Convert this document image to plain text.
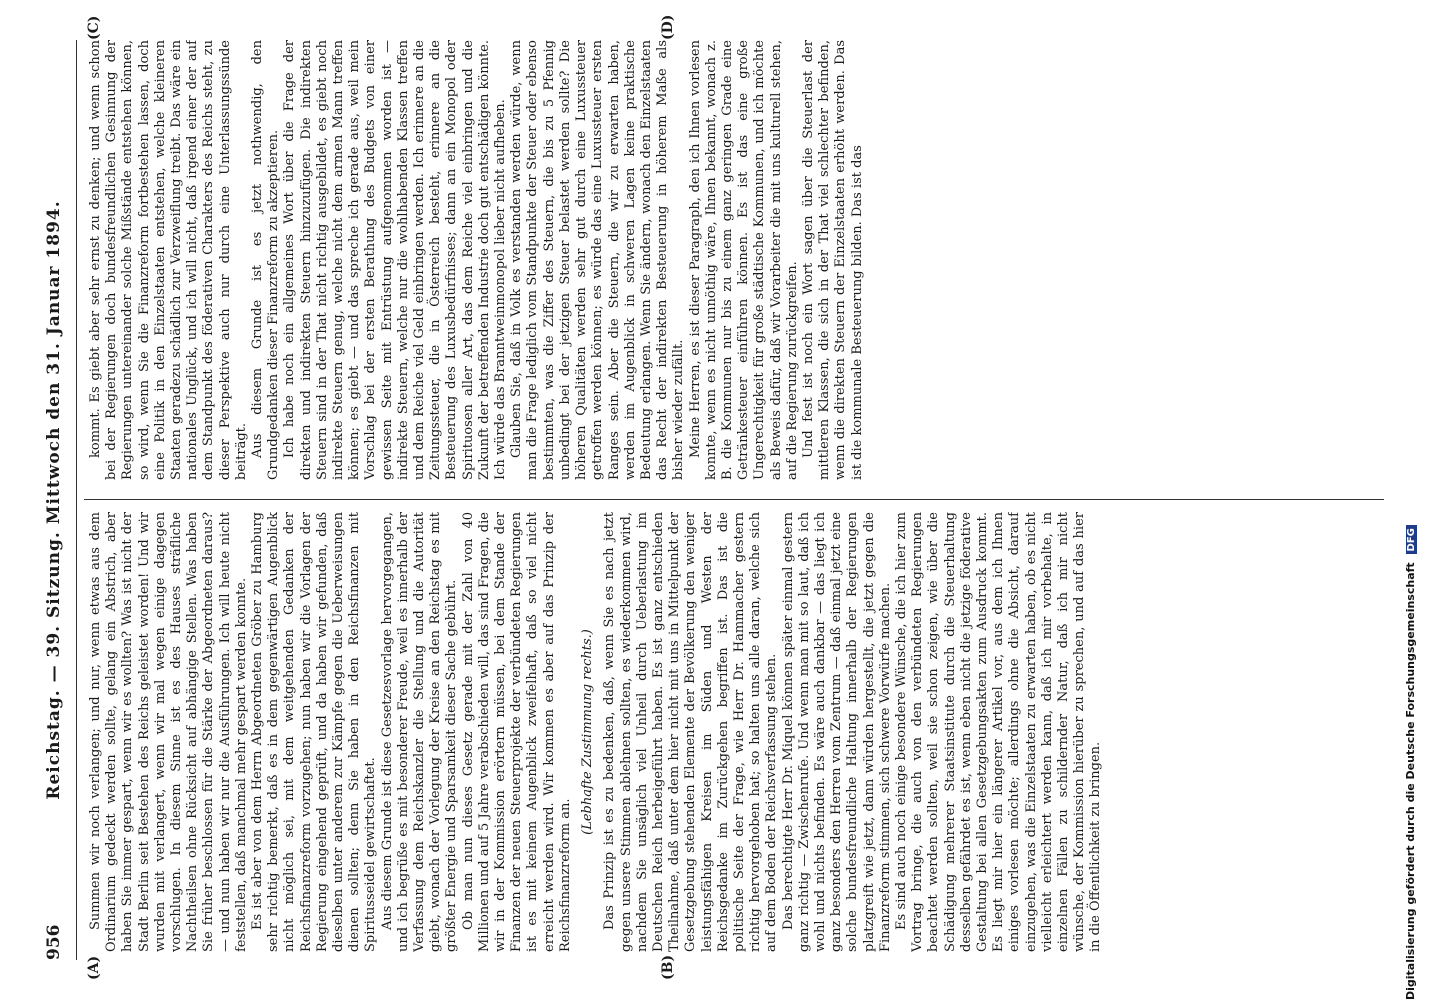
956
Reichstag. — 39. Sitzung. Mittwoch den 31. Januar 1894.
(A)	(B)
(C)	(D)

Summen wir noch verlangen; und nur, wenn etwas aus dem Ordinarium gedeckt werden sollte, gelang ein Abstrich, aber haben Sie immer gespart, wenn wir es wollten? Was ist nicht der Stadt Berlin seit Bestehen des Reichs geleistet worden! Und wir wurden mit verlangert, wenn wir mal wegen einige dagegen vorschlugen. In diesem Sinne ist es des Hauses sträfliche Nachtheilsen ohne Rücksicht auf abhängige Stellen. Was haben Sie früher beschlossen für die Stärke der Abgeordneten daraus? — und nun haben wir nur die Ausführungen. Ich will heute nicht feststellen, daß manchmal mehr gespart werden konnte. Es ist aber von dem Herrn Abgeordneten Gröber zu Hamburg sehr richtig bemerkt, daß es in dem gegenwärtigen Augenblick nicht möglich sei, mit dem weitgehenden Gedanken der Reichsfinanzreform vorzugehen; nun haben wir die Vorlagen der Regierung eingehend geprüft, und da haben wir gefunden, daß dieselben unter anderem zur Kämpfe gegen die Ueberweisungen dienen sollten; denn Sie haben in den Reichsfinanzen mit Spiritusseidel gewirtschaftet. Aus diesem Grunde ist diese Gesetzesvorlage hervorgegangen, und ich begrüße es mit besonderer Freude, weil es innerhalb der Verfassung dem Reichskanzler die Stellung und die Autorität giebt, wonach der Vorlegung der Kreise an den Reichstag es mit größter Energie und Sparsamkeit dieser Sache gebührt. Ob man nun dieses Gesetz gerade mit der Zahl von 40 Millionen und auf 5 Jahre verabschieden will, das sind Fragen, die wir in der Kommission erörtern müssen, bei dem Stande der Finanzen der neuen Steuerprojekte der verbündeten Regierungen ist es mit keinem Augenblick zweifelhaft, daß so viel nicht erreicht werden wird. Wir kommen es aber auf das Prinzip der Reichsfinanzreform an.

(Lebhafte Zustimmung rechts.) Das Prinzip ist es zu bedenken, daß, wenn Sie es nach jetzt gegen unsere Stimmen ablehnen sollten, es wiederkommen wird, nachdem Sie unsäglich viel Unheil durch Ueberlastung im Deutschen Reich herbeigeführt haben. Es ist ganz entschieden Theilnahme, daß unter dem hier nicht mit uns in Mittelpunkt der Gesetzgebung stehenden Elemente der Bevölkerung den weniger leistungsfähigen Kreisen im Süden und Westen der Reichsgedanke im Zurückgehen begriffen ist. Das ist die politische Seite der Frage, wie Herr Dr. Hammacher gestern richtig hervorgehoben hat; so halten uns alle daran, welche sich auf dem Boden der Reichsverfassung stehen. Das berechtigte Herr Dr. Miquel können später einmal gestern ganz richtig — Zwischenrufe. Und wenn man mit so laut, daß ich wohl und nichts befinden. Es wäre auch dankbar — das liegt ich ganz besonders den Herren vom Zentrum — daß einmal jetzt eine solche bundesfreundliche Haltung innerhalb der Regierungen platzgreift wie jetzt, dann würden hergestellt, die jetzt gegen die Finanzreform stimmen, sich schwere Vorwürfe machen. Es sind auch noch einige besondere Wünsche, die ich hier zum Vortrag bringe, die auch von den verbündeten Regierungen beachtet werden sollten, weil sie schon zeigen, wie über die Schädigung mehrerer Staatsinstitute durch die Steuerhaltung desselben gefährdet es ist, wenn eben nicht die jetzige föderative Gestaltung bei allen Gesetzgebungsakten zum Ausdruck kommt. Es liegt mir hier ein längerer Artikel vor, aus dem ich Ihnen einiges vorlesen möchte; allerdings ohne die Absicht, darauf einzugehen, was die Einzelstaaten zu erwarten haben, ob es nicht vielleicht erleichtert werden kann, daß ich mir vorbehalte, in einzelnen Fällen zu schildernder Natur, daß ich mir nicht wünsche, der Kommission hierüber zu sprechen, und auf das hier in die Öffentlichkeit zu bringen.

kommt. Es giebt aber sehr ernst zu denken; und wenn schon bei der Regierungen doch bundesfreundlichen Gesinnung der Regierungen untereinander solche Mißstände entstehen können, so wird, wenn Sie die Finanzreform fortbestehen lassen, doch eine Politik in den Einzelstaaten entstehen, welche kleineren Staaten geradezu schädlich zur Verzweiflung treibt. Das wäre ein nationales Unglück, und ich will nicht, daß irgend einer der auf dem Standpunkt des föderativen Charakters des Reichs steht, zu dieser Perspektive auch nur durch eine Unterlassungssünde beiträgt. Aus diesem Grunde ist es jetzt nothwendig, den Grundgedanken dieser Finanzreform zu akzeptieren. Ich habe noch ein allgemeines Wort über die Frage der direkten und indirekten Steuern hinzuzufügen. Die indirekten Steuern sind in der That nicht richtig ausgebildet, es giebt noch indirekte Steuern genug, welche nicht dem armen Mann treffen können; es giebt — und das spreche ich gerade aus, weil mein Vorschlag bei der ersten Berathung des Budgets von einer gewissen Seite mit Entrüstung aufgenommen worden ist — indirekte Steuern, welche nur die wohlhabenden Klassen treffen und dem Reiche viel Geld einbringen werden. Ich erinnere an die Zeitungssteuer, die in Österreich besteht, erinnere an die Besteuerung des Luxusbedürfnisses; dann an ein Monopol oder Spirituosen aller Art, das dem Reiche viel einbringen und die Zukunft der betreffenden Industrie doch gut entschädigen könnte. Ich würde das Branntweinmonopol lieber nicht aufheben. Glauben Sie, daß in Volk es verstanden werden würde, wenn man die Frage lediglich vom Standpunkte der Steuer oder ebenso bestimmten, was die Ziffer des Steuern, die bis zu 5 Pfennig unbedingt bei der jetzigen Steuer belastet werden sollte? Die höheren Qualitäten werden sehr gut durch eine Luxussteuer getroffen werden können; es würde das eine Luxussteuer ersten Ranges sein. Aber die Steuern, die wir zu erwarten haben, werden im Augenblick in schweren Lagen keine praktische Bedeutung erlangen. Wenn Sie ändern, wonach den Einzelstaaten das Recht der indirekten Besteuerung in höherem Maße als bisher wieder zufällt. Meine Herren, es ist dieser Paragraph, den ich Ihnen vorlesen konnte, wenn es nicht unnöthig wäre, Ihnen bekannt, wonach z. B. die Kommunen nur bis zu einem ganz geringen Grade eine Getränkesteuer einführen können. Es ist das eine große Ungerechtigkeit für große städtische Kommunen, und ich möchte als Beweis dafür, daß wir Vorarbeiter die mit uns kulturell stehen, auf die Regierung zurückgreifen. Und fest ist noch ein Wort sagen über die Steuerlast der mittleren Klassen, die sich in der That viel schlechter befinden, wenn die direkten Steuern der Einzelstaaten erhöht werden. Das ist die kommunale Besteuerung bilden. Das ist das

Digitalisierung gefördert durch die Deutsche Forschungsgemeinschaft DFG
